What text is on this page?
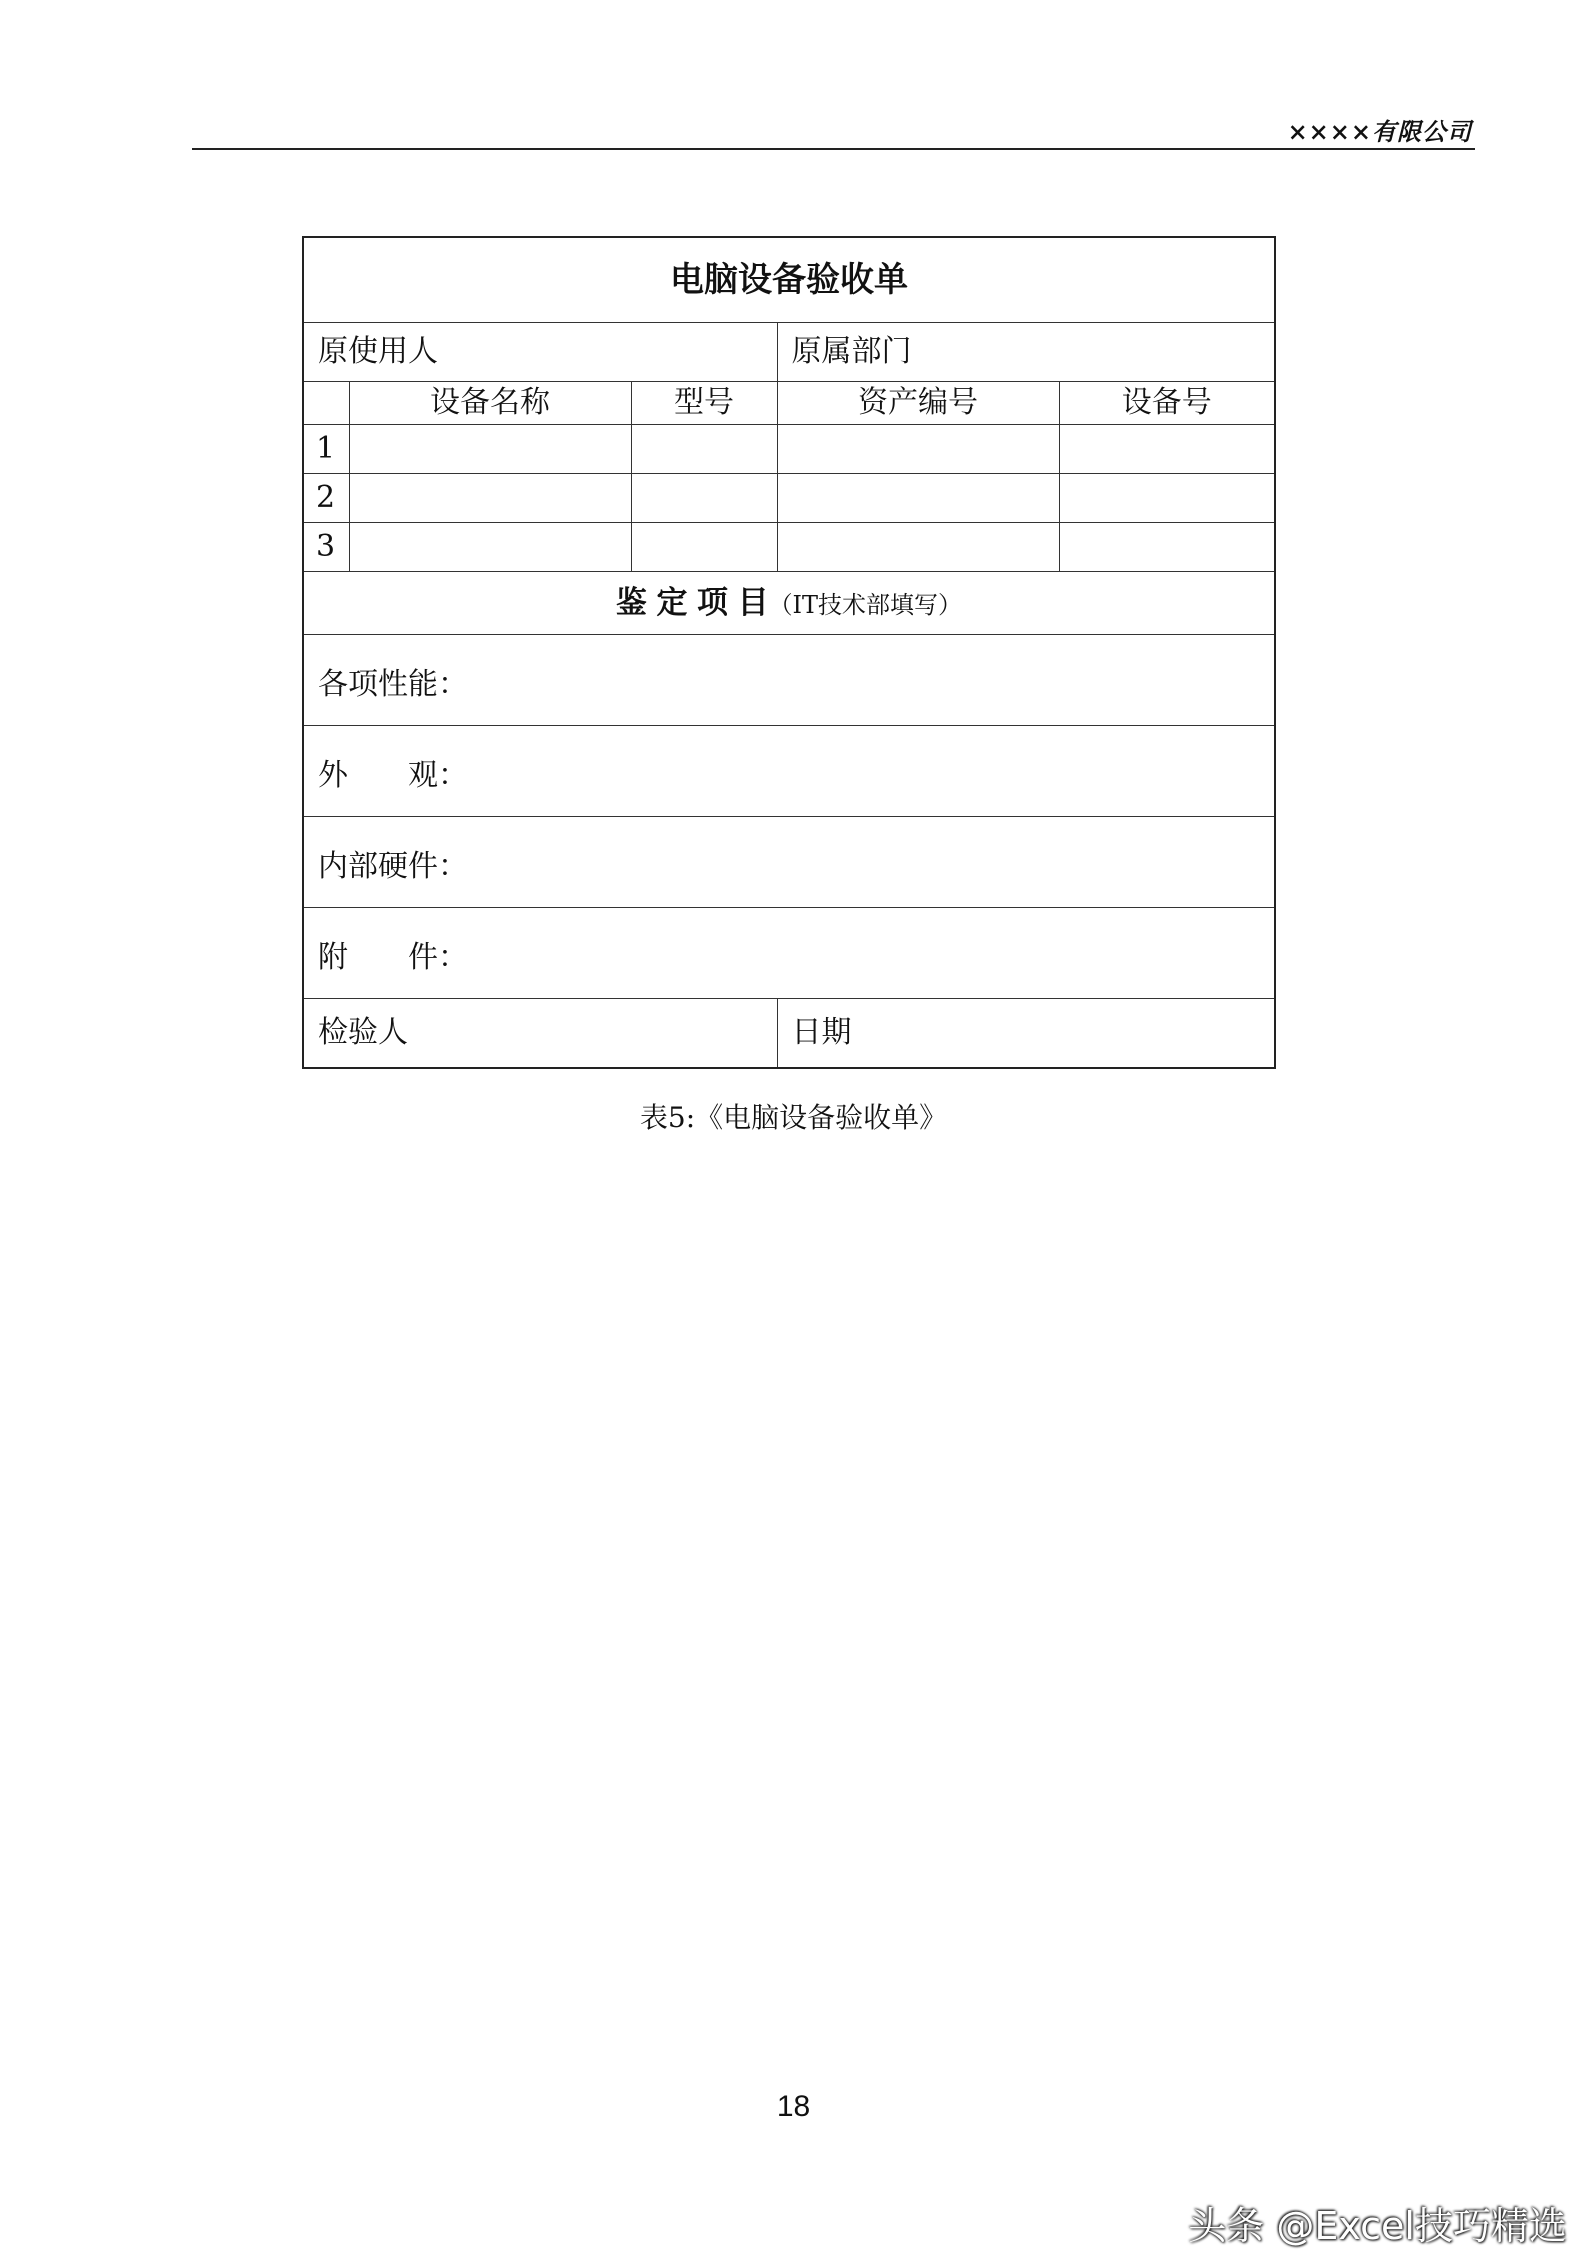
××××有限公司
电脑设备验收单				
原使用人			原属部门	
	设备名称	型号	资产编号	设备号
1				
2				
3				
鉴 定 项 目（IT技术部填写）				
各项性能：				
外　　观：				
内部硬件：				
附　　件：				
检验人			日期	
表5:《电脑设备验收单》
18
头条 @Excel技巧精选
